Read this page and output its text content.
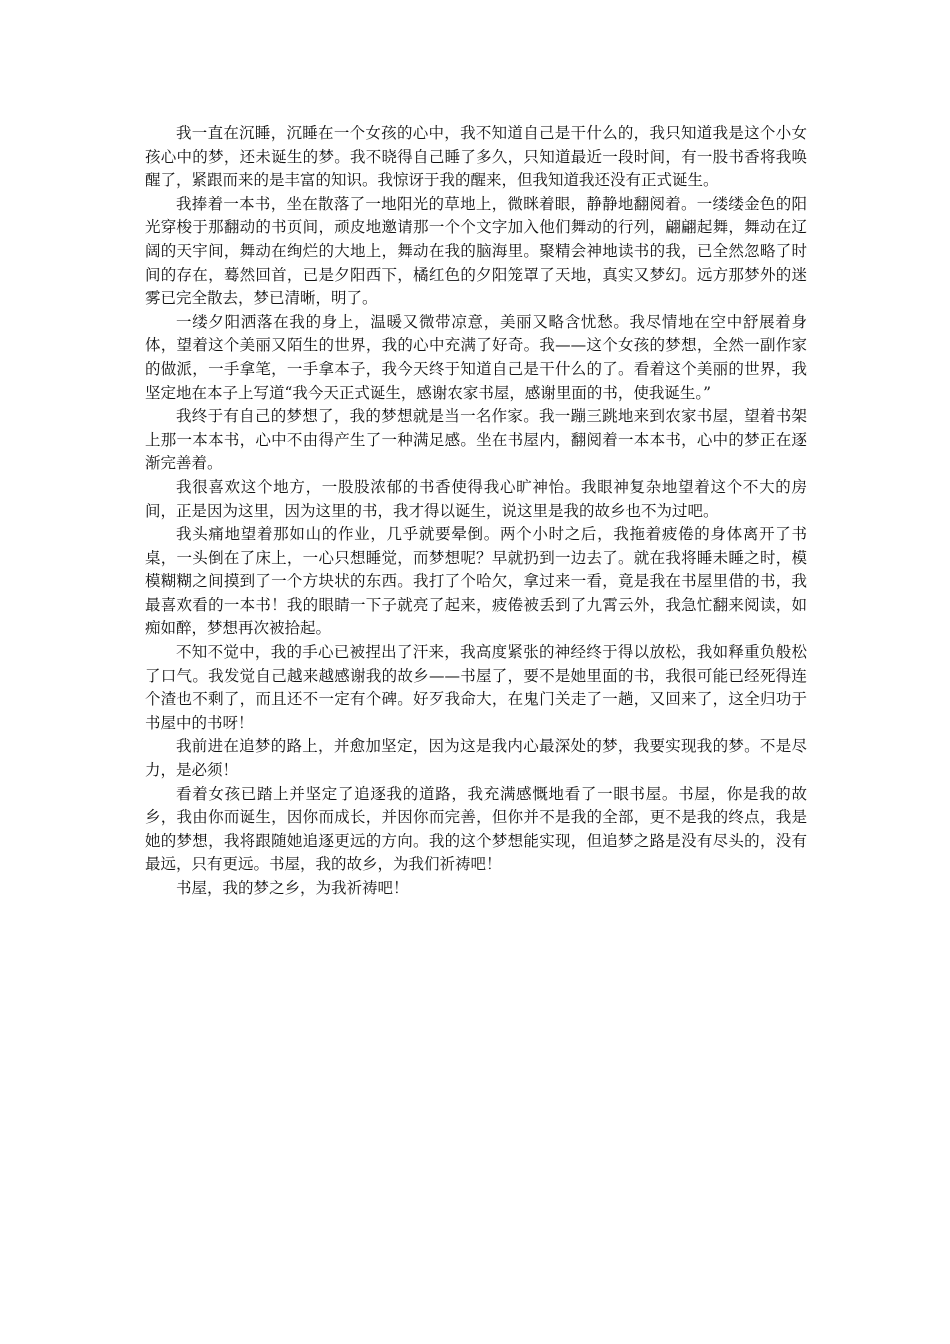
我一直在沉睡，沉睡在一个女孩的心中，我不知道自己是干什么的，我只知道我是这个小女孩心中的梦，还未诞生的梦。我不晓得自己睡了多久，只知道最近一段时间，有一股书香将我唤醒了，紧跟而来的是丰富的知识。我惊讶于我的醒来，但我知道我还没有正式诞生。

我捧着一本书，坐在散落了一地阳光的草地上，微眯着眼，静静地翻阅着。一缕缕金色的阳光穿梭于那翻动的书页间，顽皮地邀请那一个个文字加入他们舞动的行列，翩翩起舞，舞动在辽阔的天宇间，舞动在绚烂的大地上，舞动在我的脑海里。聚精会神地读书的我，已全然忽略了时间的存在，蓦然回首，已是夕阳西下，橘红色的夕阳笼罩了天地，真实又梦幻。远方那梦外的迷雾已完全散去，梦已清晰，明了。

一缕夕阳洒落在我的身上，温暖又微带凉意，美丽又略含忧愁。我尽情地在空中舒展着身体，望着这个美丽又陌生的世界，我的心中充满了好奇。我——这个女孩的梦想，全然一副作家的做派，一手拿笔，一手拿本子，我今天终于知道自己是干什么的了。看着这个美丽的世界，我坚定地在本子上写道“我今天正式诞生，感谢农家书屋，感谢里面的书，使我诞生。”

我终于有自己的梦想了，我的梦想就是当一名作家。我一蹦三跳地来到农家书屋，望着书架上那一本本书，心中不由得产生了一种满足感。坐在书屋内，翻阅着一本本书，心中的梦正在逐渐完善着。

我很喜欢这个地方，一股股浓郁的书香使得我心旷神怡。我眼神复杂地望着这个不大的房间，正是因为这里，因为这里的书，我才得以诞生，说这里是我的故乡也不为过吧。

我头痛地望着那如山的作业，几乎就要晕倒。两个小时之后，我拖着疲倦的身体离开了书桌，一头倒在了床上，一心只想睡觉，而梦想呢？早就扔到一边去了。就在我将睡未睡之时，模模糊糊之间摸到了一个方块状的东西。我打了个哈欠，拿过来一看，竟是我在书屋里借的书，我最喜欢看的一本书！我的眼睛一下子就亮了起来，疲倦被丢到了九霄云外，我急忙翻来阅读，如痴如醉，梦想再次被拾起。

不知不觉中，我的手心已被捏出了汗来，我高度紧张的神经终于得以放松，我如释重负般松了口气。我发觉自己越来越感谢我的故乡——书屋了，要不是她里面的书，我很可能已经死得连个渣也不剩了，而且还不一定有个碑。好歹我命大，在鬼门关走了一趟，又回来了，这全归功于书屋中的书呀！

我前进在追梦的路上，并愈加坚定，因为这是我内心最深处的梦，我要实现我的梦。不是尽力，是必须！

看着女孩已踏上并坚定了追逐我的道路，我充满感慨地看了一眼书屋。书屋，你是我的故乡，我由你而诞生，因你而成长，并因你而完善，但你并不是我的全部，更不是我的终点，我是她的梦想，我将跟随她追逐更远的方向。我的这个梦想能实现，但追梦之路是没有尽头的，没有最远，只有更远。书屋，我的故乡，为我们祈祷吧！

书屋，我的梦之乡，为我祈祷吧！
